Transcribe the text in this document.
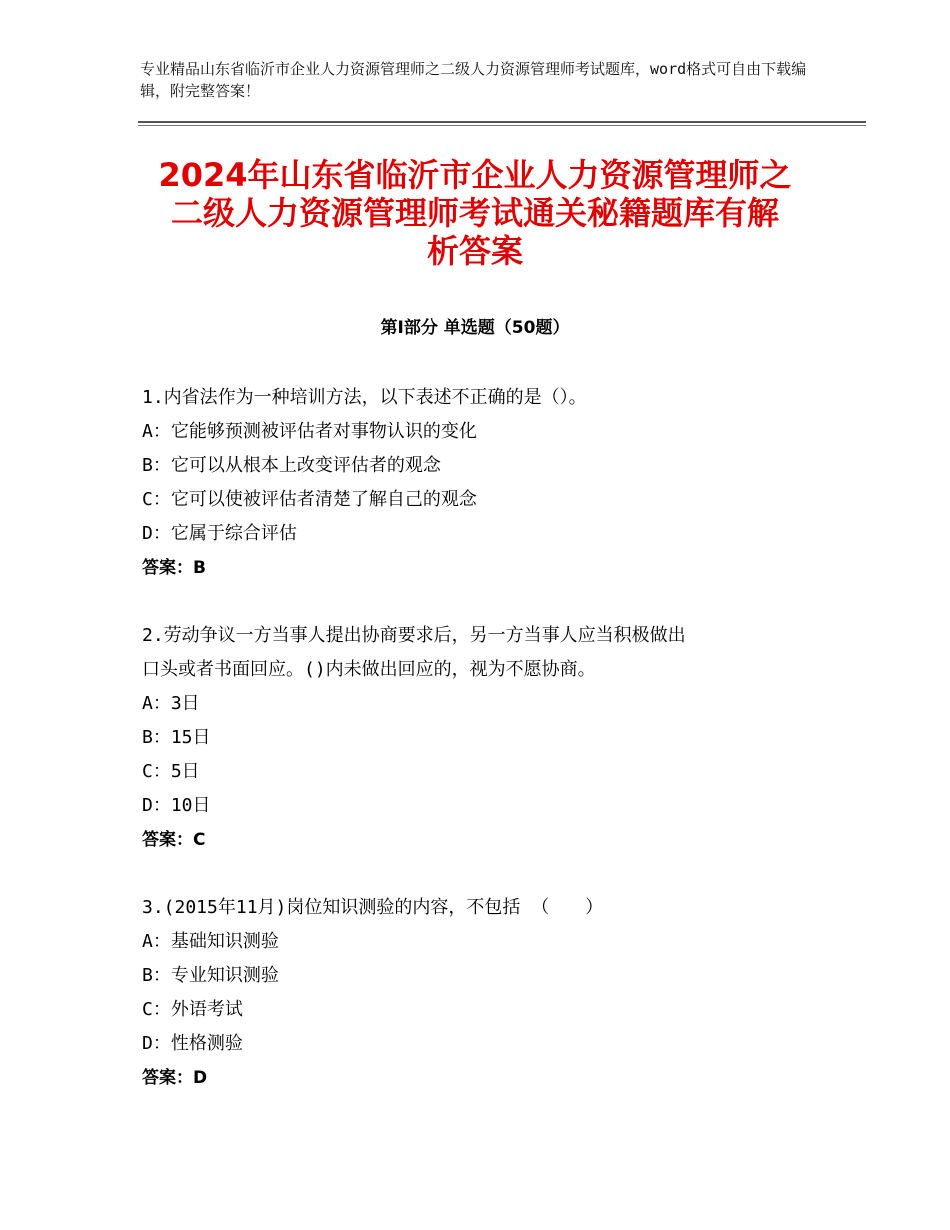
专业精品山东省临沂市企业人力资源管理师之二级人力资源管理师考试题库，word格式可自由下载编辑，附完整答案！
2024年山东省临沂市企业人力资源管理师之
二级人力资源管理师考试通关秘籍题库有解
析答案
第Ⅰ部分 单选题（50题）

1.内省法作为一种培训方法，以下表述不正确的是（）。

A：它能够预测被评估者对事物认识的变化

B：它可以从根本上改变评估者的观念

C：它可以使被评估者清楚了解自己的观念

D：它属于综合评估

答案：B

2.劳动争议一方当事人提出协商要求后，另一方当事人应当积极做出

口头或者书面回应。()内未做出回应的，视为不愿协商。

A：3日

B：15日

C：5日

D：10日

答案：C

3.(2015年11月)岗位知识测验的内容，不包括 （　　）

A：基础知识测验

B：专业知识测验

C：外语考试

D：性格测验

答案：D
